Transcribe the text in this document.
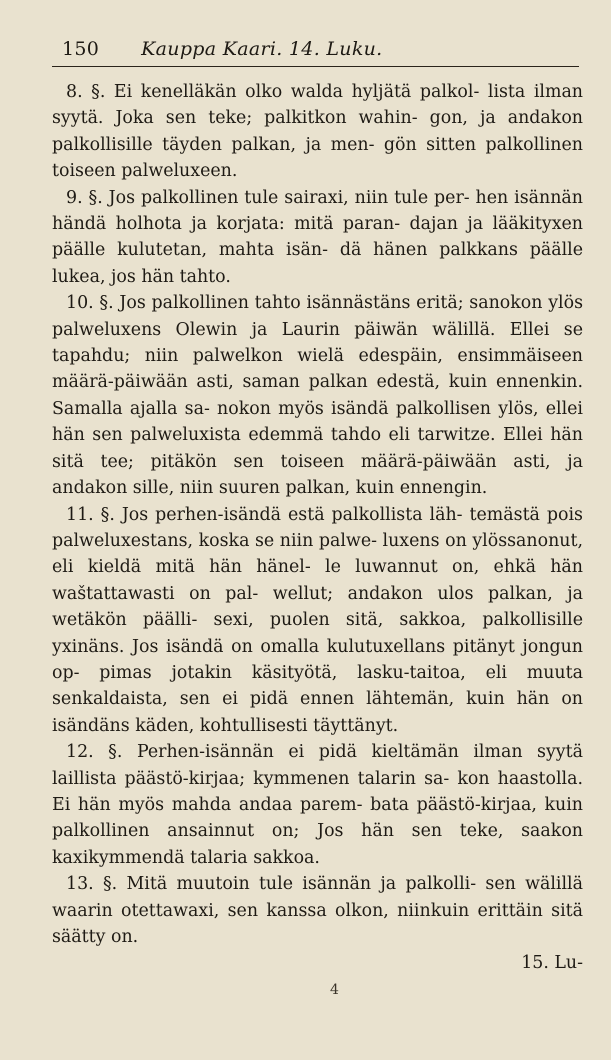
150 Kauppa Kaari. 14. Luku.

8. §. Ei kenelläkän olko walda hyljätä palkol- lista ilman syytä. Joka sen teke; palkitkon wahin- gon, ja andakon palkollisille täyden palkan, ja men- gön sitten palkollinen toiseen palweluxeen.

9. §. Jos palkollinen tule sairaxi, niin tule per- hen isännän händä holhota ja korjata: mitä paran- dajan ja lääkityxen päälle kulutetan, mahta isän- dä hänen palkkans päälle lukea, jos hän tahto.

10. §. Jos palkollinen tahto isännästäns eritä; sanokon ylös palweluxens Olewin ja Laurin päiwän wälillä. Ellei se tapahdu; niin palwelkon wielä edespäin, ensimmäiseen määrä-päiwään asti, saman palkan edestä, kuin ennenkin. Samalla ajalla sa- nokon myös isändä palkollisen ylös, ellei hän sen palweluxista edemmä tahdo eli tarwitze. Ellei hän sitä tee; pitäkön sen toiseen määrä-päiwään asti, ja andakon sille, niin suuren palkan, kuin ennengin.

11. §. Jos perhen-isändä estä palkollista läh- temästä pois palweluxestans, koska se niin palwe- luxens on ylössanonut, eli kieldä mitä hän hänel- le luwannut on, ehkä hän waštattawasti on pal- wellut; andakon ulos palkan, ja wetäkön päälli- sexi, puolen sitä, sakkoa, palkollisille yxinäns. Jos isändä on omalla kulutuxellans pitänyt jongun op- pimas jotakin käsityötä, lasku-taitoa, eli muuta senkaldaista, sen ei pidä ennen lähtemän, kuin hän on isändäns käden, kohtullisesti täyttänyt.

12. §. Perhen-isännän ei pidä kieltämän ilman syytä laillista päästö-kirjaa; kymmenen talarin sa- kon haastolla. Ei hän myös mahda andaa parem- bata päästö-kirjaa, kuin palkollinen ansainnut on; Jos hän sen teke, saakon kaxikymmendä talaria sakkoa.

13. §. Mitä muutoin tule isännän ja palkolli- sen wälillä waarin otettawaxi, sen kanssa olkon, niinkuin erittäin sitä säätty on.

15. Lu-
4
